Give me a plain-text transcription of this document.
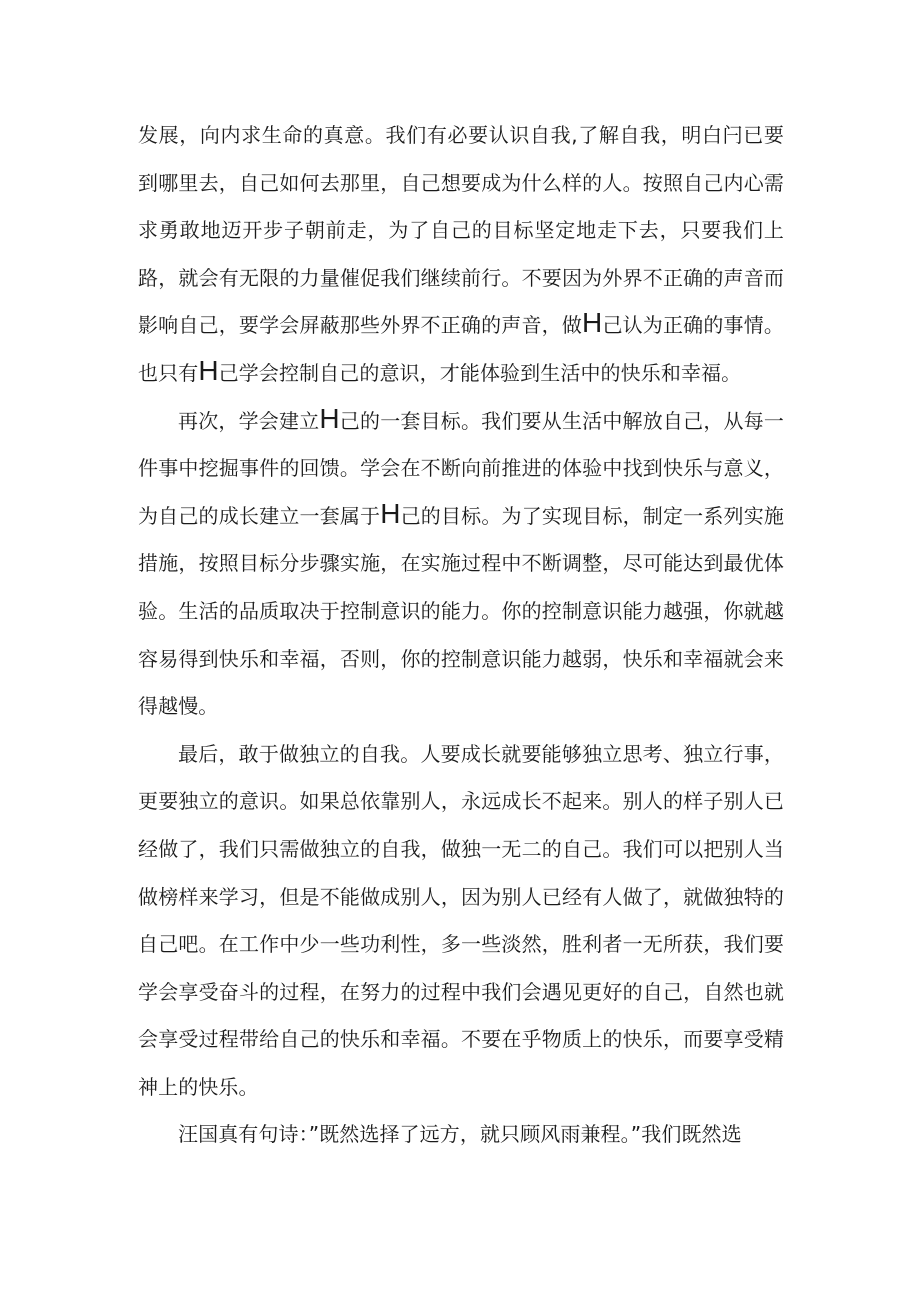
发展，向内求生命的真意。我们有必要认识自我,了解自我，明白闩已要到哪里去，自己如何去那里，自己想要成为什么样的人。按照自己内心需求勇敢地迈开步子朝前走，为了自己的目标坚定地走下去，只要我们上路，就会有无限的力量催促我们继续前行。不要因为外界不正确的声音而影响自己，要学会屏蔽那些外界不正确的声音，做H己认为正确的事情。也只有H己学会控制自己的意识，才能体验到生活中的快乐和幸福。

再次，学会建立H己的一套目标。我们要从生活中解放自己，从每一件事中挖掘事件的回馈。学会在不断向前推进的体验中找到快乐与意义，为自己的成长建立一套属于H己的目标。为了实现目标，制定一系列实施措施，按照目标分步骤实施，在实施过程中不断调整，尽可能达到最优体验。生活的品质取决于控制意识的能力。你的控制意识能力越强，你就越容易得到快乐和幸福，否则，你的控制意识能力越弱，快乐和幸福就会来得越慢。

最后，敢于做独立的自我。人要成长就要能够独立思考、独立行事，更要独立的意识。如果总依靠别人，永远成长不起来。别人的样子别人已经做了，我们只需做独立的自我，做独一无二的自己。我们可以把别人当做榜样来学习，但是不能做成别人，因为别人已经有人做了，就做独特的自己吧。在工作中少一些功利性，多一些淡然，胜利者一无所获，我们要学会享受奋斗的过程，在努力的过程中我们会遇见更好的自己，自然也就会享受过程带给自己的快乐和幸福。不要在乎物质上的快乐，而要享受精神上的快乐。

汪国真有句诗：”既然选择了远方，就只顾风雨兼程。”我们既然选
